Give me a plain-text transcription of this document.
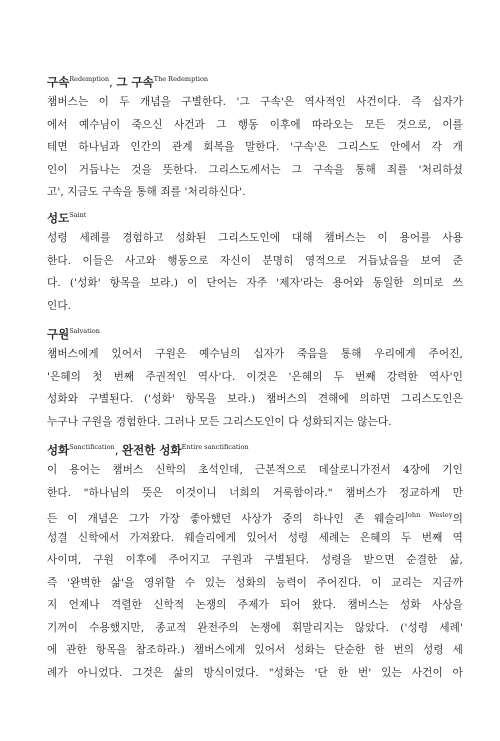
구속$^{Redemption}$, 그 구속$^{The Redemption}$
챔버스는 이 두 개념을 구별한다. '그 구속'은 역사적인 사건이다. 즉 십자가
에서 예수님이 죽으신 사건과 그 행동 이후에 따라오는 모든 것으로, 이를
테면 하나님과 인간의 관계 회복을 말한다. '구속'은 그리스도 안에서 각 개
인이 거듭나는 것을 뜻한다. 그리스도께서는 그 구속을 통해 죄를 '처리하셨
고', 지금도 구속을 통해 죄를 '처리하신다'.
성도$^{Saint}$
성령 세례를 경험하고 성화된 그리스도인에 대해 챔버스는 이 용어를 사용
한다. 이들은 사고와 행동으로 자신이 분명히 영적으로 거듭났음을 보여 준
다. ('성화' 항목을 보라.) 이 단어는 자주 '제자'라는 용어와 동일한 의미로 쓰
인다.
구원$^{Salvation}$
챔버스에게 있어서 구원은 예수님의 십자가 죽음을 통해 우리에게 주어진,
'은혜의 첫 번째 주권적인 역사'다. 이것은 '은혜의 두 번째 강력한 역사'인
성화와 구별된다. ('성화' 항목을 보라.) 챔버스의 견해에 의하면 그리스도인은
누구나 구원을 경험한다. 그러나 모든 그리스도인이 다 성화되지는 않는다.
성화$^{Sanctification}$, 완전한 성화$^{Entire sanctification}$
이 용어는 챔버스 신학의 초석인데, 근본적으로 데살로니가전서 4장에 기인
한다. "하나님의 뜻은 이것이니 너희의 거룩함이라." 챔버스가 정교하게 만
든 이 개념은 그가 가장 좋아했던 사상가 중의 하나인 존 웨슬리$^{John Wesley}$의
성결 신학에서 가져왔다. 웨슬리에게 있어서 성령 세례는 은혜의 두 번째 역
사이며, 구원 이후에 주어지고 구원과 구별된다. 성령을 받으면 순결한 삶,
즉 '완벽한 삶'을 영위할 수 있는 성화의 능력이 주어진다. 이 교리는 지금까
지 언제나 격렬한 신학적 논쟁의 주제가 되어 왔다. 챔버스는 성화 사상을
기꺼이 수용했지만, 종교적 완전주의 논쟁에 휘말리지는 않았다. ('성령 세례'
에 관한 항목을 참조하라.) 챔버스에게 있어서 성화는 단순한 한 번의 성령 세
례가 아니었다. 그것은 삶의 방식이었다. "성화는 '단 한 번' 있는 사건이 아
